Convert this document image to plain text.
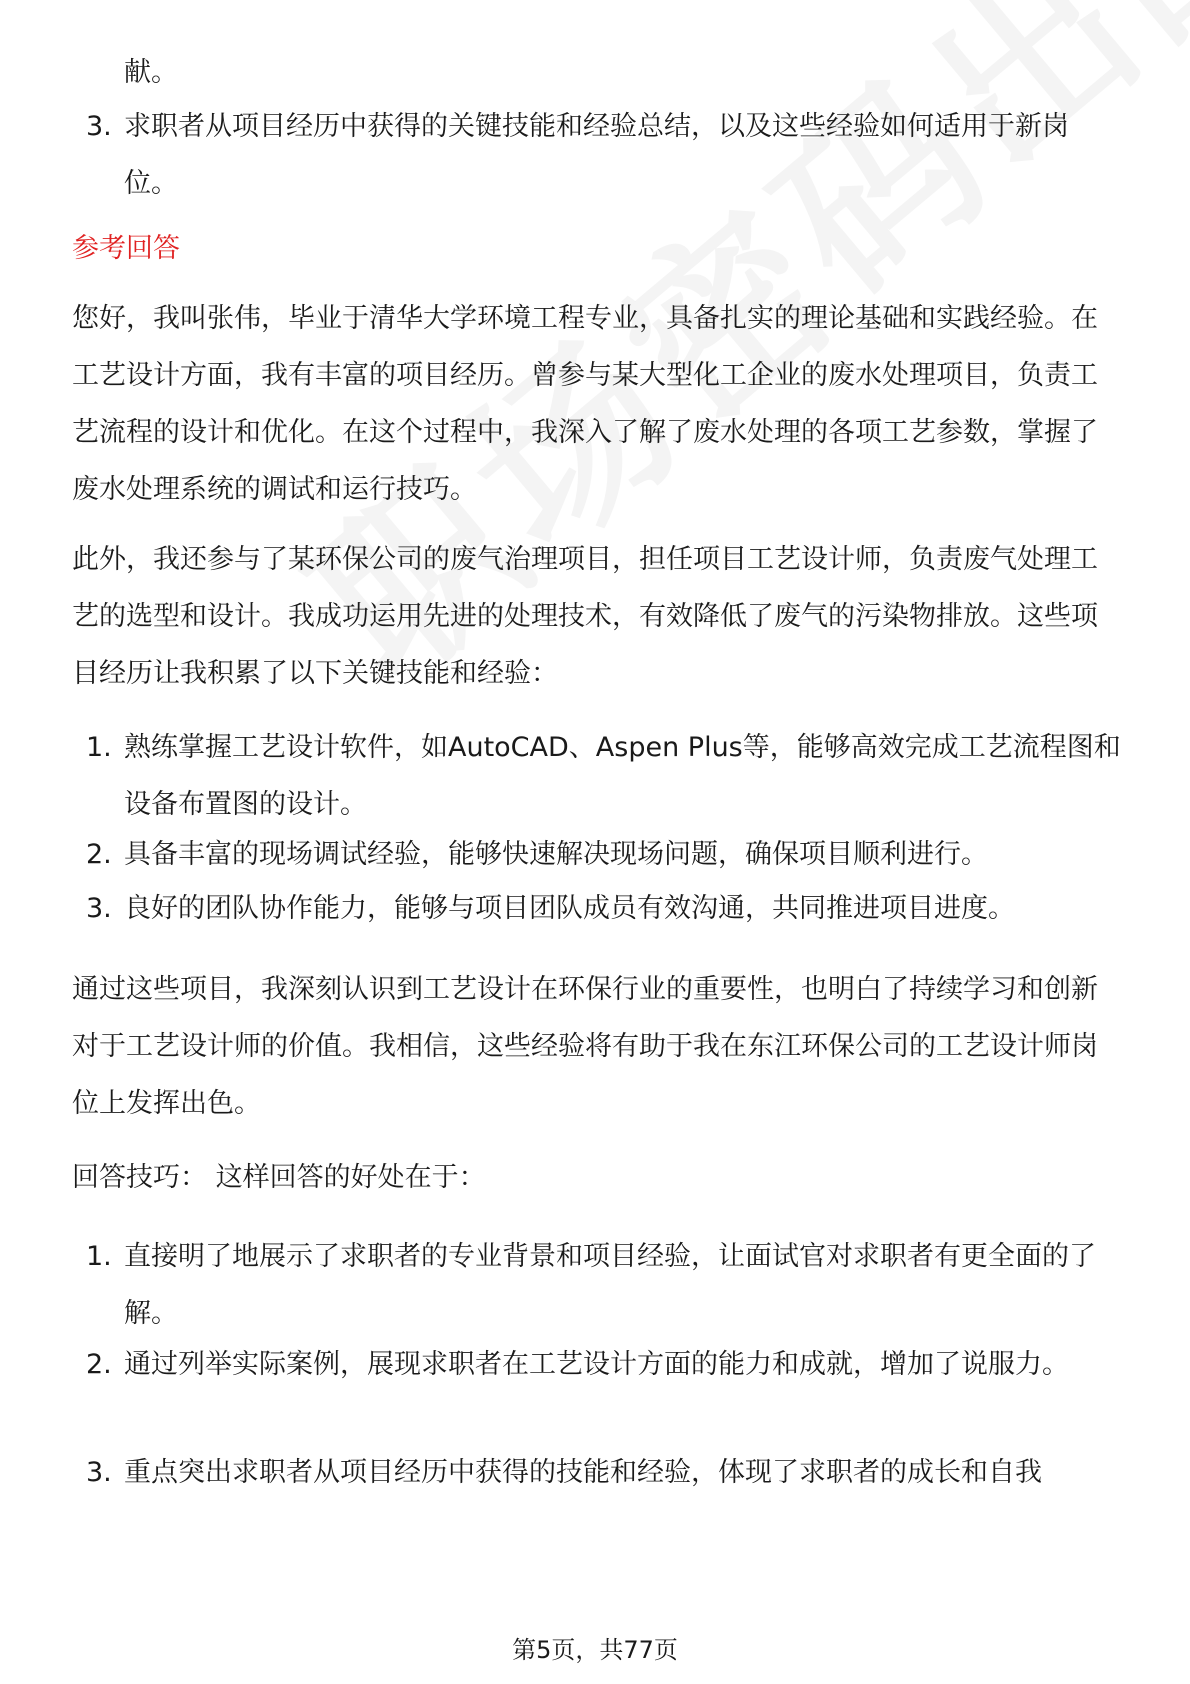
献。

3. 求职者从项目经历中获得的关键技能和经验总结，以及这些经验如何适用于新岗位。
参考回答

您好，我叫张伟，毕业于清华大学环境工程专业，具备扎实的理论基础和实践经验。在工艺设计方面，我有丰富的项目经历。曾参与某大型化工企业的废水处理项目，负责工艺流程的设计和优化。在这个过程中，我深入了解了废水处理的各项工艺参数，掌握了废水处理系统的调试和运行技巧。

此外，我还参与了某环保公司的废气治理项目，担任项目工艺设计师，负责废气处理工艺的选型和设计。我成功运用先进的处理技术，有效降低了废气的污染物排放。这些项目经历让我积累了以下关键技能和经验：

1. 熟练掌握工艺设计软件，如AutoCAD、Aspen Plus等，能够高效完成工艺流程图和设备布置图的设计。
2. 具备丰富的现场调试经验，能够快速解决现场问题，确保项目顺利进行。
3. 良好的团队协作能力，能够与项目团队成员有效沟通，共同推进项目进度。

通过这些项目，我深刻认识到工艺设计在环保行业的重要性，也明白了持续学习和创新对于工艺设计师的价值。我相信，这些经验将有助于我在东江环保公司的工艺设计师岗位上发挥出色。

回答技巧： 这样回答的好处在于：

1. 直接明了地展示了求职者的专业背景和项目经验，让面试官对求职者有更全面的了解。
2. 通过列举实际案例，展现求职者在工艺设计方面的能力和成就，增加了说服力。
3. 重点突出求职者从项目经历中获得的技能和经验，体现了求职者的成长和自我
第5页，共77页
